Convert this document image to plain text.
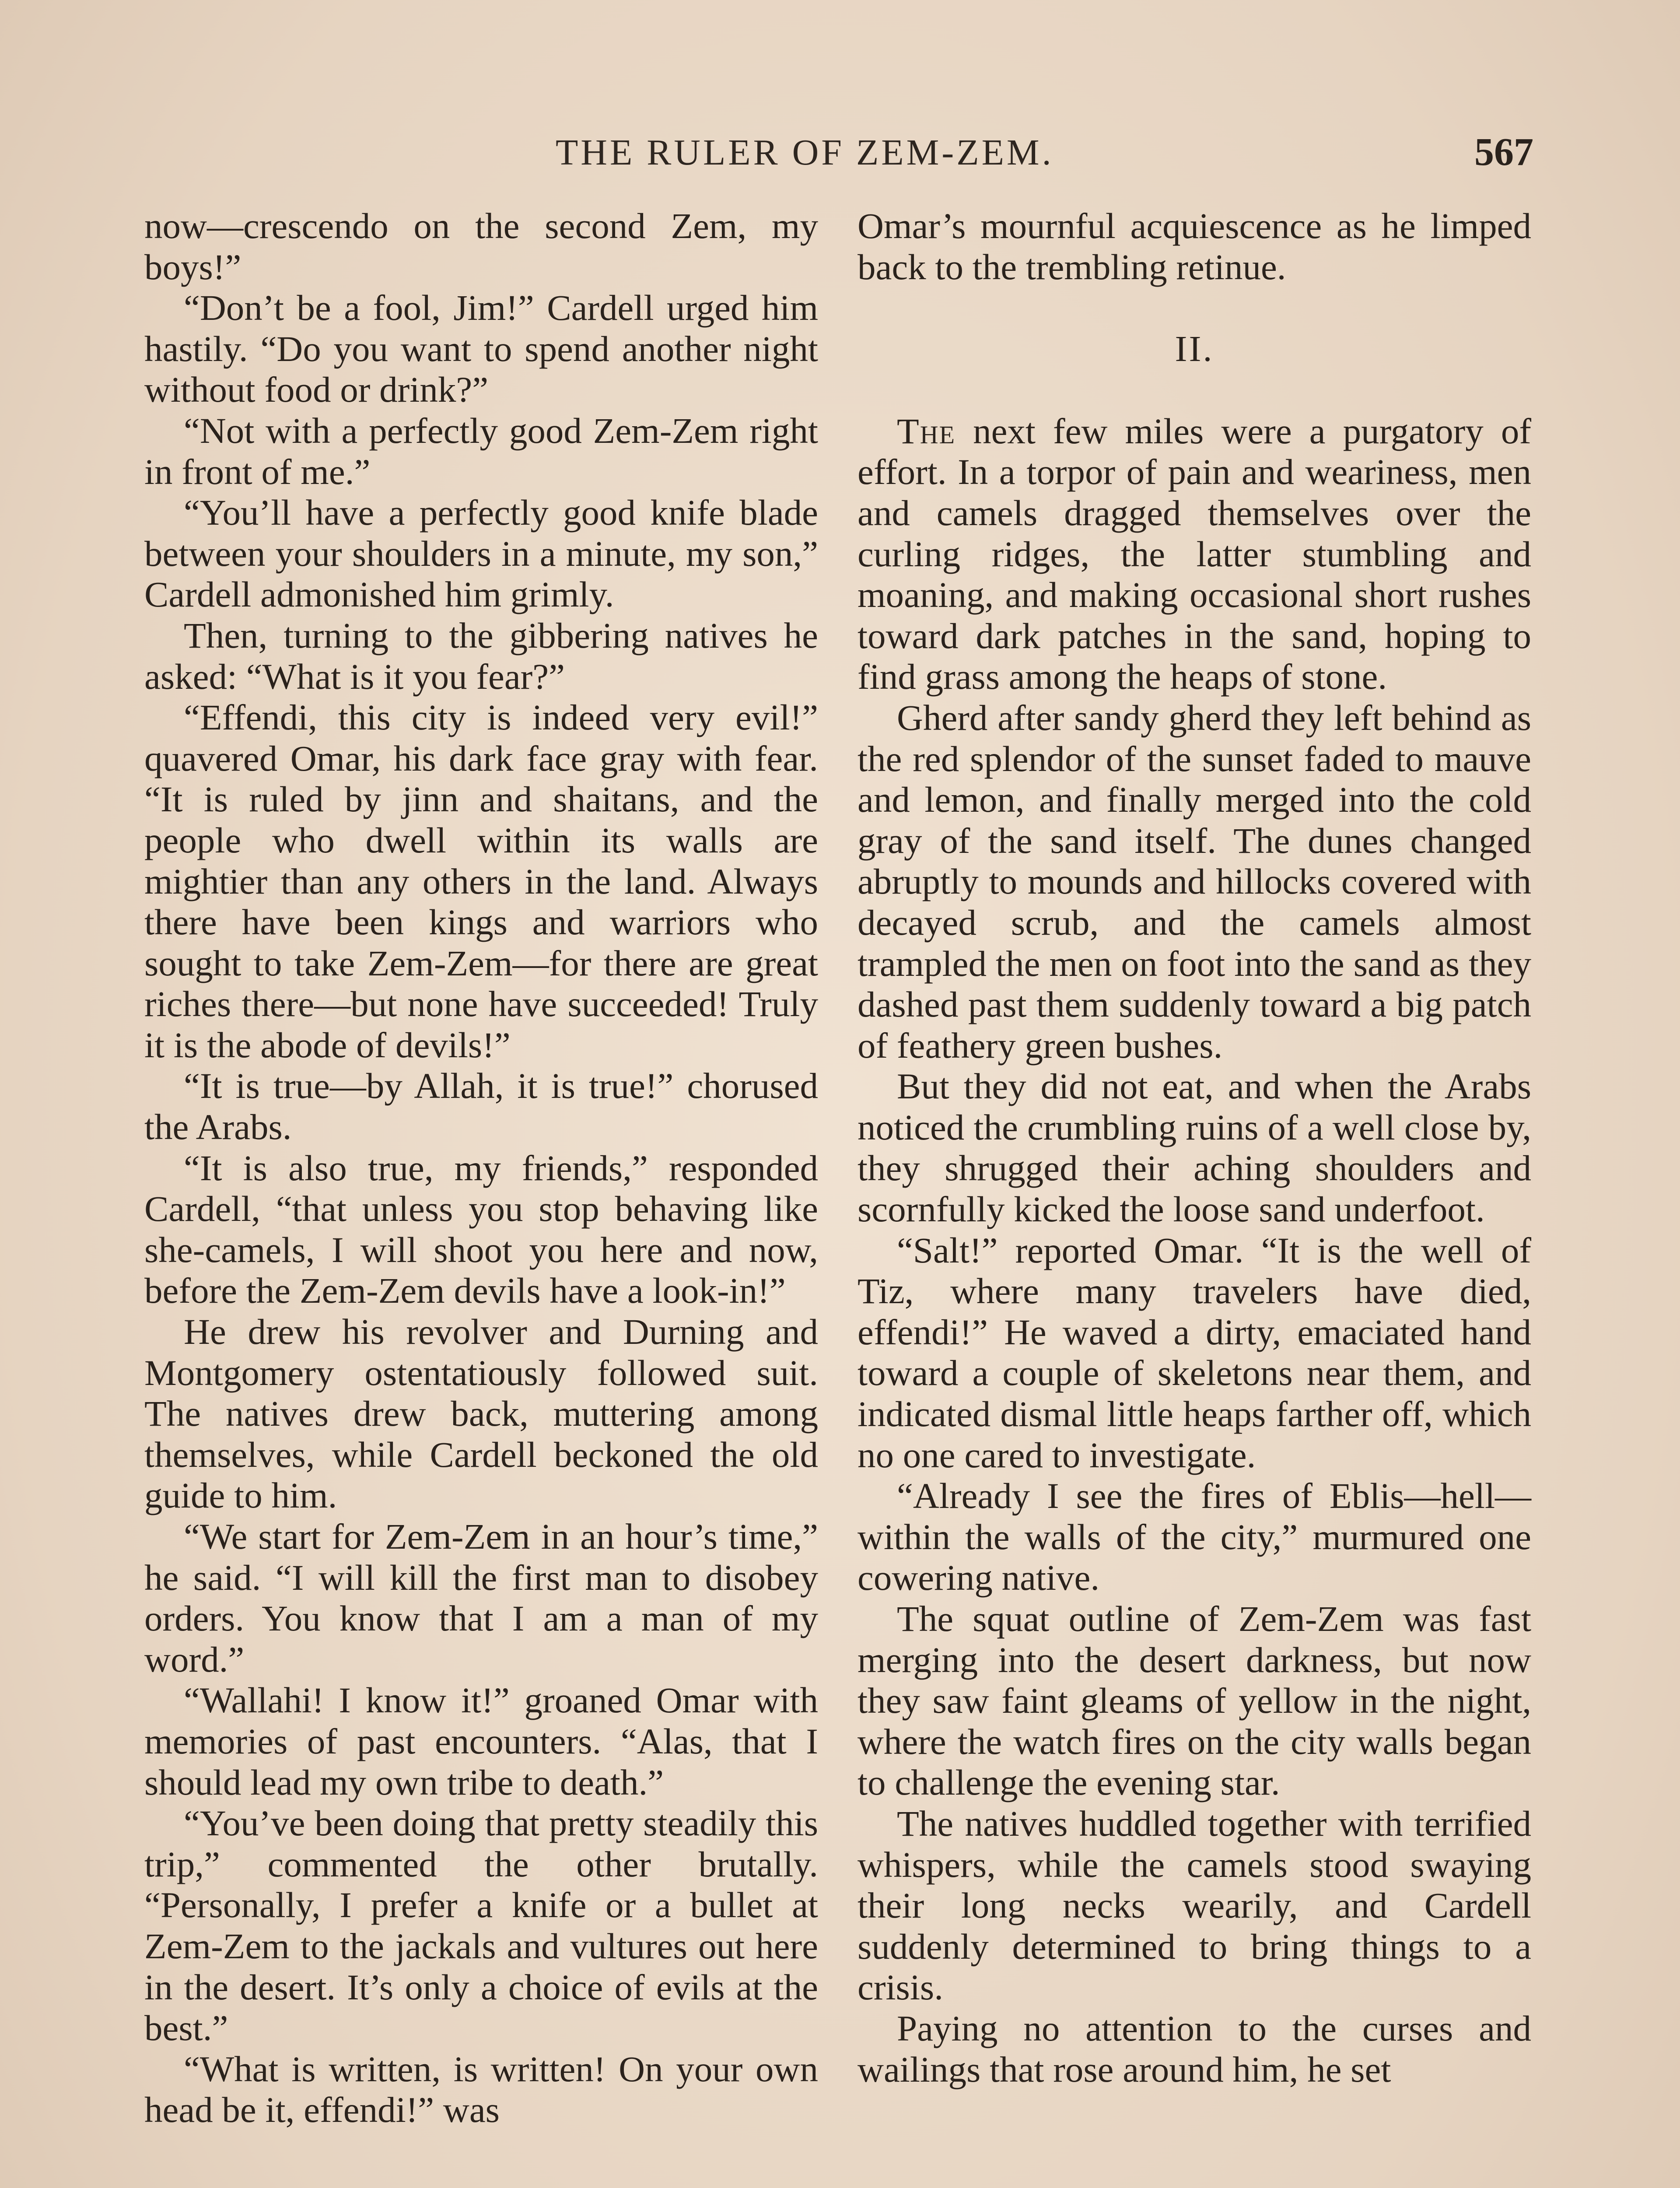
THE RULER OF ZEM-ZEM.	567

now—crescendo on the second Zem, my boys!”

“Don’t be a fool, Jim!” Cardell urged him hastily. “Do you want to spend another night without food or drink?”

“Not with a perfectly good Zem-Zem right in front of me.”

“You’ll have a perfectly good knife blade between your shoulders in a minute, my son,” Cardell admonished him grimly.

Then, turning to the gibbering natives he asked: “What is it you fear?”

“Effendi, this city is indeed very evil!” quavered Omar, his dark face gray with fear. “It is ruled by jinn and shaitans, and the people who dwell within its walls are mightier than any others in the land. Always there have been kings and warriors who sought to take Zem-Zem—for there are great riches there—but none have succeeded! Truly it is the abode of devils!”

“It is true—by Allah, it is true!” chorused the Arabs.

“It is also true, my friends,” responded Cardell, “that unless you stop behaving like she-camels, I will shoot you here and now, before the Zem-Zem devils have a look-in!”

He drew his revolver and Durning and Montgomery ostentatiously followed suit. The natives drew back, muttering among themselves, while Cardell beckoned the old guide to him.

“We start for Zem-Zem in an hour’s time,” he said. “I will kill the first man to disobey orders. You know that I am a man of my word.”

“Wallahi! I know it!” groaned Omar with memories of past encounters. “Alas, that I should lead my own tribe to death.”

“You’ve been doing that pretty steadily this trip,” commented the other brutally. “Personally, I prefer a knife or a bullet at Zem-Zem to the jackals and vultures out here in the desert. It’s only a choice of evils at the best.”

“What is written, is written! On your own head be it, effendi!” was

Omar’s mournful acquiescence as he limped back to the trembling retinue.

II.

The next few miles were a purgatory of effort. In a torpor of pain and weariness, men and camels dragged themselves over the curling ridges, the latter stumbling and moaning, and making occasional short rushes toward dark patches in the sand, hoping to find grass among the heaps of stone.

Gherd after sandy gherd they left behind as the red splendor of the sunset faded to mauve and lemon, and finally merged into the cold gray of the sand itself. The dunes changed abruptly to mounds and hillocks covered with decayed scrub, and the camels almost trampled the men on foot into the sand as they dashed past them suddenly toward a big patch of feathery green bushes.

But they did not eat, and when the Arabs noticed the crumbling ruins of a well close by, they shrugged their aching shoulders and scornfully kicked the loose sand underfoot.

“Salt!” reported Omar. “It is the well of Tiz, where many travelers have died, effendi!” He waved a dirty, emaciated hand toward a couple of skeletons near them, and indicated dismal little heaps farther off, which no one cared to investigate.

“Already I see the fires of Eblis—hell—within the walls of the city,” murmured one cowering native.

The squat outline of Zem-Zem was fast merging into the desert darkness, but now they saw faint gleams of yellow in the night, where the watch fires on the city walls began to challenge the evening star.

The natives huddled together with terrified whispers, while the camels stood swaying their long necks wearily, and Cardell suddenly determined to bring things to a crisis.

Paying no attention to the curses and wailings that rose around him, he set
